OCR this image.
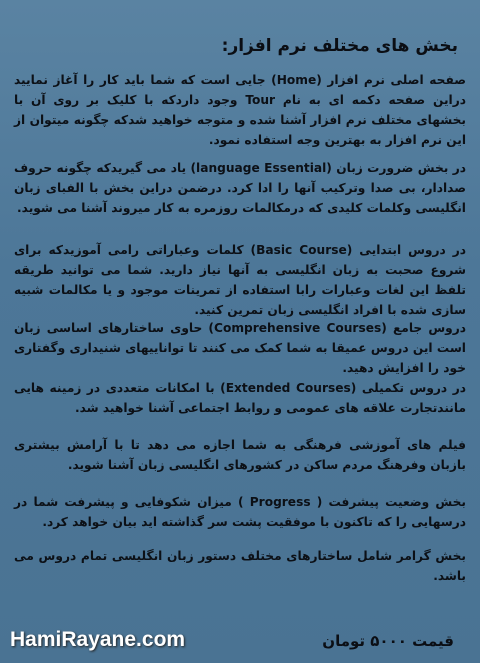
بخش های مختلف نرم افزار:
صفحه اصلی نرم افزار (Home) جایی است که شما باید کار را آغاز نمایید دراین صفحه دکمه ای به نام Tour وجود داردکه با کلیک بر روی آن با بخشهای مختلف نرم افزار آشنا شده و متوجه خواهید شدکه چگونه میتوان از این نرم افزار به بهترین وجه استفاده نمود.
در بخش ضرورت زبان (language Essential) یاد می گیریدکه چگونه حروف صدادار، بی صدا وترکیب آنها را ادا کرد. درضمن دراین بخش با الفبای زبان انگلیسی وکلمات کلیدی که درمکالمات روزمره به کار میروند آشنا می شوید.
در دروس ابتدایی (Basic Course) کلمات وعباراتی رامی آموزیدکه برای شروع صحبت به زبان انگلیسی به آنها نیاز دارید. شما می توانید طریقه تلفظ این لغات وعبارات رابا استفاده از تمرینات موجود و یا مکالمات شبیه سازی شده با افراد انگلیسی زبان تمرین کنید.
دروس جامع (Comprehensive Courses) حاوی ساختارهای اساسی زبان است این دروس عمیقا به شما کمک می کنند تا تواناییهای شنیداری وگفتاری خود را افزایش دهید.
در دروس تکمیلی (Extended Courses) با امکانات متعددی در زمینه هایی مانندتجارت علاقه های عمومی و روابط اجتماعی آشنا خواهید شد.
فیلم های آموزشی فرهنگی به شما اجازه می دهد تا با آرامش بیشتری بازبان وفرهنگ مردم ساکن در کشورهای انگلیسی زبان آشنا شوید.
بخش وضعیت پیشرفت ( Progress ) میزان شکوفایی و پیشرفت شما در درسهایی را که تاکنون با موفقیت پشت سر گذاشته اید بیان خواهد کرد.
بخش گرامر شامل ساختارهای مختلف دستور زبان انگلیسی تمام دروس می باشد.
HamiRayane.com	قیمت ۵۰۰۰ تومان
